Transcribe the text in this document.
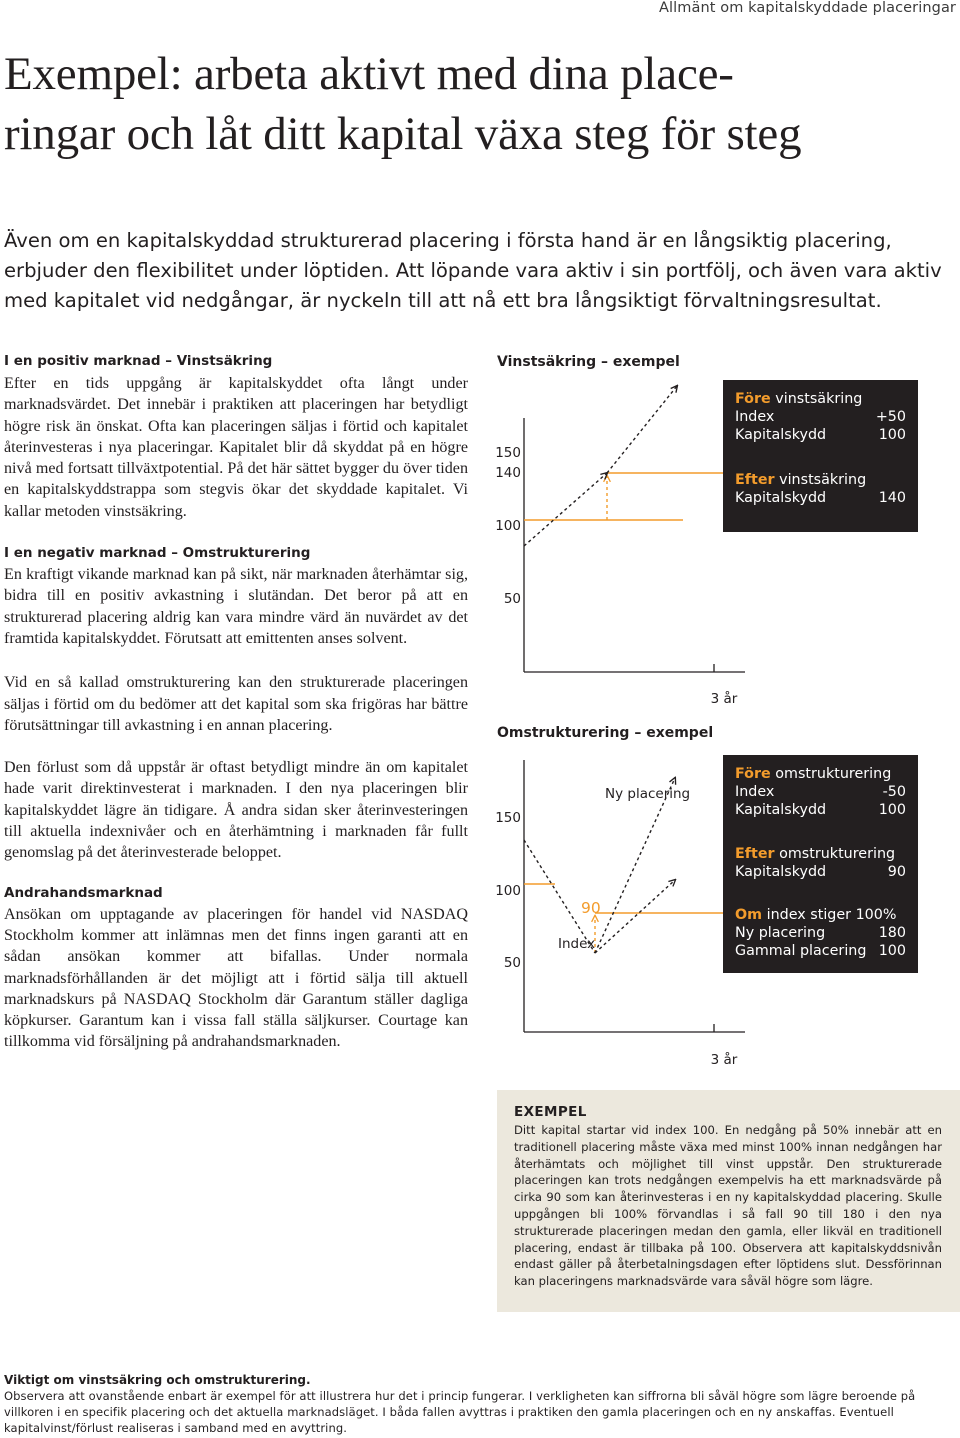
Allmänt om kapitalskyddade placeringar
Exempel: arbeta aktivt med dina place-
ringar och låt ditt kapital växa steg för steg

Även om en kapitalskyddad strukturerad placering i första hand är en långsiktig placering, erbjuder den flexibilitet under löptiden. Att löpande vara aktiv i sin portfölj, och även vara aktiv med kapitalet vid nedgångar, är nyckeln till att nå ett bra långsiktigt förvaltningsresultat.

I en positiv marknad – Vinstsäkring

Efter en tids uppgång är kapitalskyddet ofta långt under marknadsvärdet. Det innebär i praktiken att placeringen har betydligt högre risk än önskat. Ofta kan placeringen säljas i förtid och kapitalet återinvesteras i nya placeringar. Kapitalet blir då skyddat på en högre nivå med fortsatt tillväxtpotential. På det här sättet bygger du över tiden en kapitalskyddstrappa som stegvis ökar det skyddade kapitalet. Vi kallar metoden vinstsäkring.

I en negativ marknad – Omstrukturering

En kraftigt vikande marknad kan på sikt, när marknaden återhämtar sig, bidra till en positiv avkastning i slutändan. Det beror på att en strukturerad placering aldrig kan vara mindre värd än nuvärdet av det framtida kapitalskyddet. Förutsatt att emittenten anses solvent.

Vid en så kallad omstrukturering kan den strukturerade placeringen säljas i förtid om du bedömer att det kapital som ska frigöras har bättre förutsättningar till avkastning i en annan placering.

Den förlust som då uppstår är oftast betydligt mindre än om kapitalet hade varit direktinvesterat i marknaden. I den nya placeringen blir kapitalskyddet lägre än tidigare. Å andra sidan sker återinvesteringen till aktuella indexnivåer och en återhämtning i marknaden får fullt genomslag på det återinvesterade beloppet.

Andrahandsmarknad

Ansökan om upptagande av placeringen för handel vid NASDAQ Stockholm kommer att inlämnas men det finns ingen garanti att en sådan ansökan kommer att bifallas. Under normala marknadsförhållanden är det möjligt att i förtid sälja till aktuell marknadskurs på NASDAQ Stockholm där Garantum ställer dagliga köpkurser. Garantum kan i vissa fall ställa säljkurser. Courtage kan tillkomma vid försäljning på andrahandsmarknaden.

Vinstsäkring – exempel
150
140
100
50
3 år
Före vinstsäkring
Index	+50
Kapitalskydd	100
Efter vinstsäkring
Kapitalskydd	140
Omstrukturering – exempel
Ny placering
Index
90
150
100
50
3 år
Före omstrukturering
Index	-50
Kapitalskydd	100
Efter omstrukturering
Kapitalskydd	90
Om index stiger 100%
Ny placering	180
Gammal placering 100
EXEMPEL

Ditt kapital startar vid index 100. En nedgång på 50% innebär att en traditionell placering måste växa med minst 100% innan nedgången har återhämtats och möjlighet till vinst uppstår. Den strukturerade placeringen kan trots nedgången exempelvis ha ett marknadsvärde på cirka 90 som kan återinvesteras i en ny kapitalskyddad placering. Skulle uppgången bli 100% förvandlas i så fall 90 till 180 i den nya strukturerade placeringen medan den gamla, eller likväl en traditionell placering, endast är tillbaka på 100. Observera att kapitalskyddsnivån endast gäller på återbetalningsdagen efter löptidens slut. Dessförinnan kan placeringens marknadsvärde vara såväl högre som lägre.

Viktigt om vinstsäkring och omstrukturering.

Observera att ovanstående enbart är exempel för att illustrera hur det i princip fungerar. I verkligheten kan siffrorna bli såväl högre som lägre beroende på villkoren i en specifik placering och det aktuella marknadsläget. I båda fallen avyttras i praktiken den gamla placeringen och en ny anskaffas. Eventuell kapitalvinst/förlust realiseras i samband med en avyttring.
